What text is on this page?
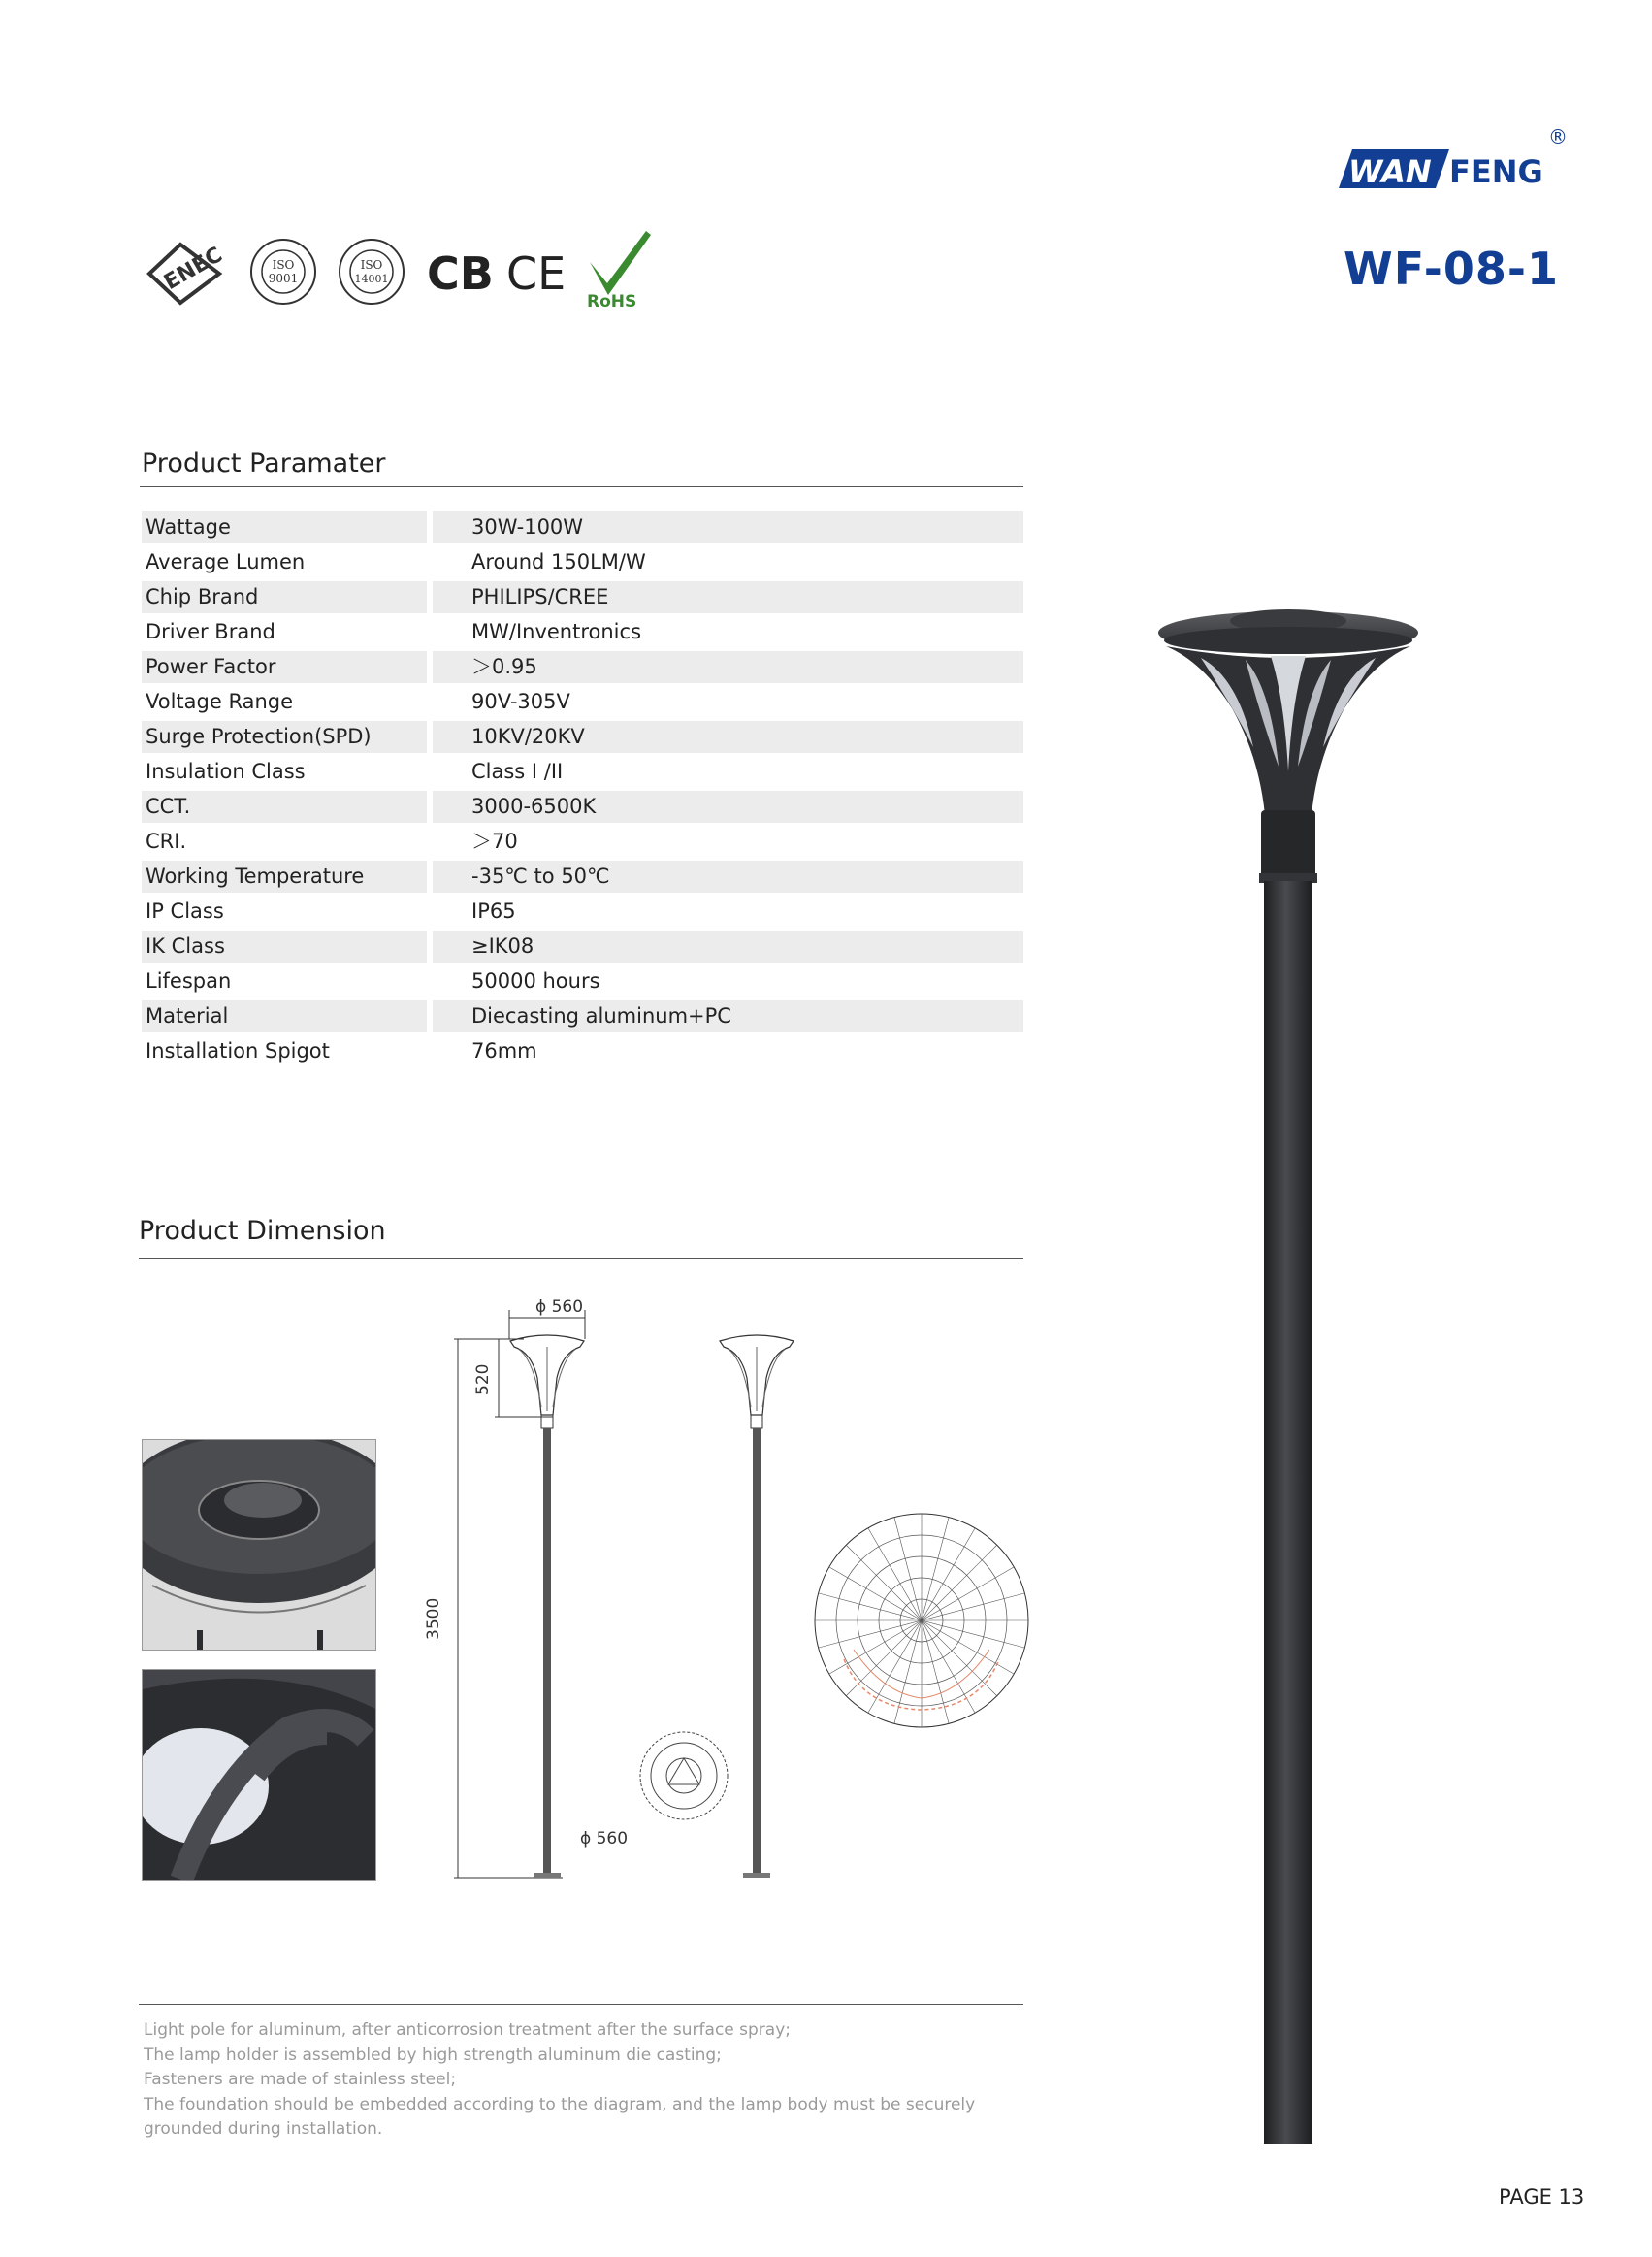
®
WAN FENG
WF-08-1
ENEC	ISO
9001
ISO
14001 CB CE
RoHS
Product Paramater
Wattage	30W-100W
Average Lumen	Around 150LM/W
Chip Brand	PHILIPS/CREE
Driver Brand	MW/Inventronics
Power Factor	＞0.95
Voltage Range	90V-305V
Surge Protection(SPD)	10KV/20KV
Insulation Class	Class I /II
CCT.	3000-6500K
CRI.	＞70
Working Temperature	-35℃ to 50℃
IP Class	IP65
IK Class	≥IK08
Lifespan	50000 hours
Material	Diecasting aluminum+PC
Installation Spigot	76mm
Product Dimension
ϕ 560
520
3500
ϕ 560

Light pole for aluminum, after anticorrosion treatment after the surface spray;

The lamp holder is assembled by high strength aluminum die casting;

Fasteners are made of stainless steel;

The foundation should be embedded according to the diagram, and the lamp body must be securely

grounded during installation.

PAGE 13
